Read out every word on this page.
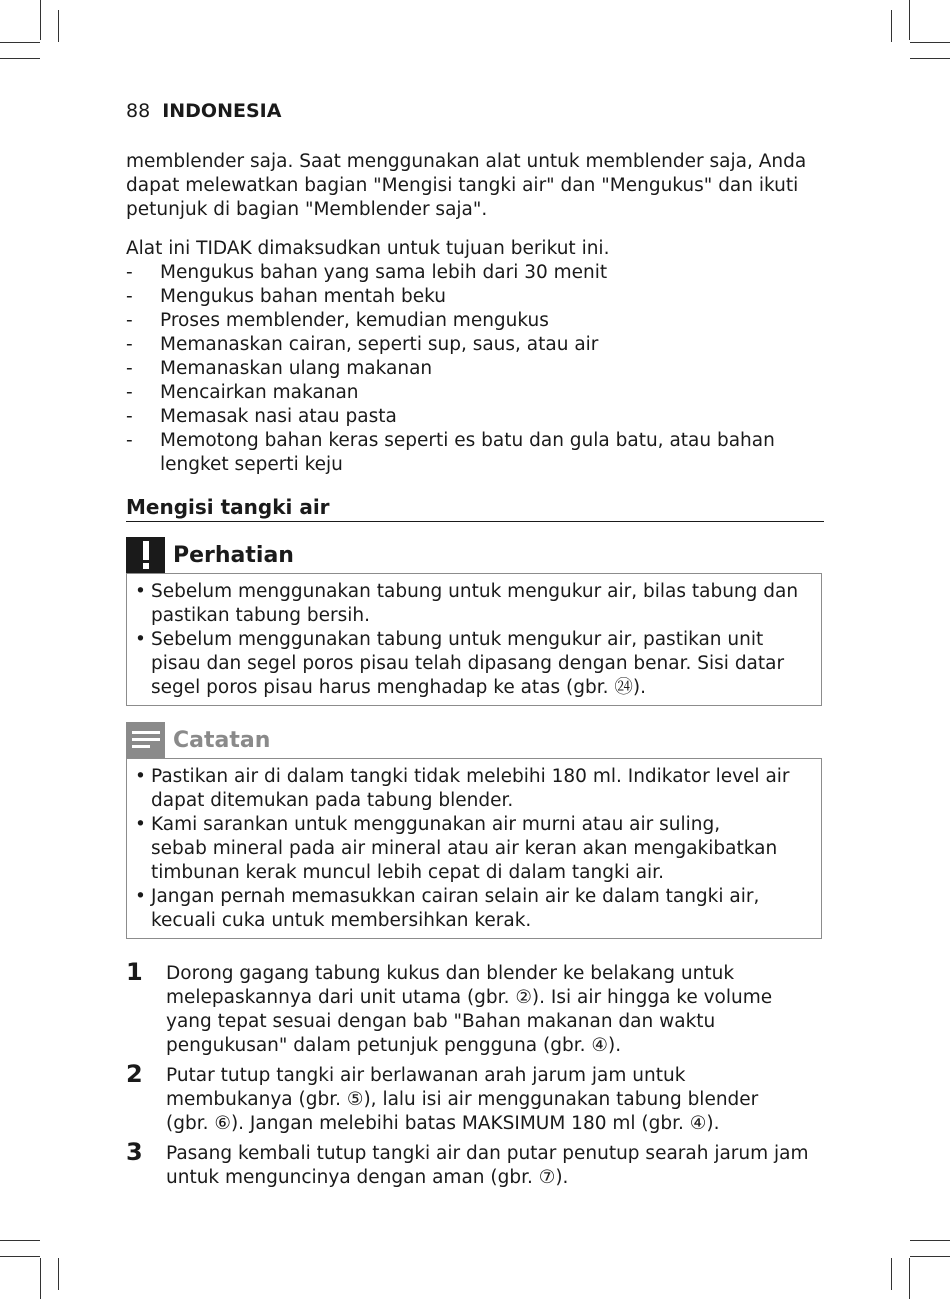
88 INDONESIA

memblender saja. Saat menggunakan alat untuk memblender saja, Anda
dapat melewatkan bagian "Mengisi tangki air" dan "Mengukus" dan ikuti
petunjuk di bagian "Memblender saja".

Alat ini TIDAK dimaksudkan untuk tujuan berikut ini.

- Mengukus bahan yang sama lebih dari 30 menit
- Mengukus bahan mentah beku
- Proses memblender, kemudian mengukus
- Memanaskan cairan, seperti sup, saus, atau air
- Memanaskan ulang makanan
- Mencairkan makanan
- Memasak nasi atau pasta
- Memotong bahan keras seperti es batu dan gula batu, atau bahan
lengket seperti keju
Mengisi tangki air
Perhatian
• Sebelum menggunakan tabung untuk mengukur air, bilas tabung dan
pastikan tabung bersih.
• Sebelum menggunakan tabung untuk mengukur air, pastikan unit
pisau dan segel poros pisau telah dipasang dengan benar. Sisi datar
segel poros pisau harus menghadap ke atas (gbr. ㉔).
Catatan
• Pastikan air di dalam tangki tidak melebihi 180 ml. Indikator level air
dapat ditemukan pada tabung blender.
• Kami sarankan untuk menggunakan air murni atau air suling,
sebab mineral pada air mineral atau air keran akan mengakibatkan
timbunan kerak muncul lebih cepat di dalam tangki air.
• Jangan pernah memasukkan cairan selain air ke dalam tangki air,
kecuali cuka untuk membersihkan kerak.
1 Dorong gagang tabung kukus dan blender ke belakang untuk
melepaskannya dari unit utama (gbr. ②). Isi air hingga ke volume
yang tepat sesuai dengan bab "Bahan makanan dan waktu
pengukusan" dalam petunjuk pengguna (gbr. ④).
2 Putar tutup tangki air berlawanan arah jarum jam untuk
membukanya (gbr. ⑤), lalu isi air menggunakan tabung blender
(gbr. ⑥). Jangan melebihi batas MAKSIMUM 180 ml (gbr. ④).
3 Pasang kembali tutup tangki air dan putar penutup searah jarum jam
untuk menguncinya dengan aman (gbr. ⑦).
